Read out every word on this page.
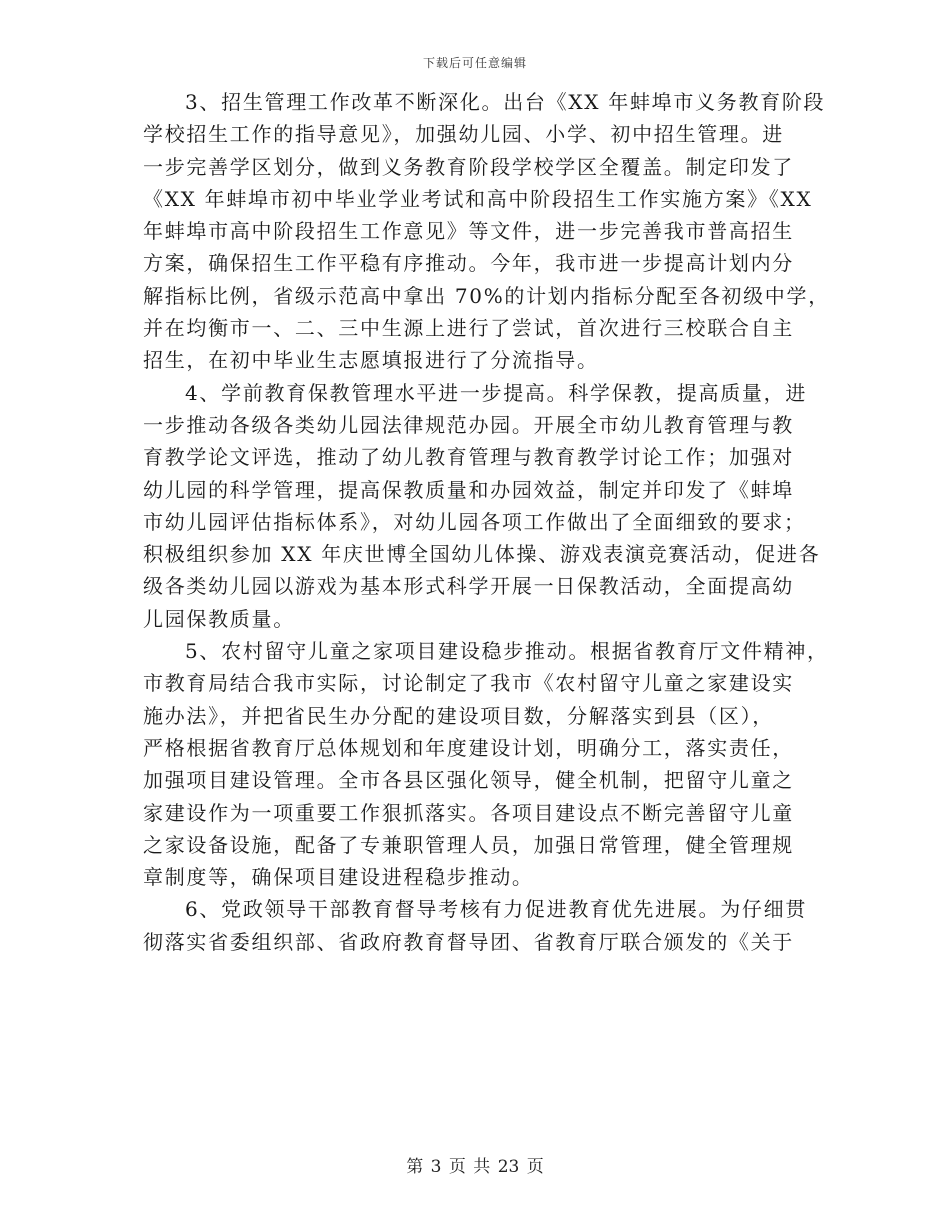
下载后可任意编辑
3、招生管理工作改革不断深化。出台《XX 年蚌埠市义务教育阶段
学校招生工作的指导意见》，加强幼儿园、小学、初中招生管理。进
一步完善学区划分，做到义务教育阶段学校学区全覆盖。制定印发了
《XX 年蚌埠市初中毕业学业考试和高中阶段招生工作实施方案》《XX
年蚌埠市高中阶段招生工作意见》等文件，进一步完善我市普高招生
方案，确保招生工作平稳有序推动。今年，我市进一步提高计划内分
解指标比例，省级示范高中拿出 70%的计划内指标分配至各初级中学，
并在均衡市一、二、三中生源上进行了尝试，首次进行三校联合自主
招生，在初中毕业生志愿填报进行了分流指导。
4、学前教育保教管理水平进一步提高。科学保教，提高质量，进
一步推动各级各类幼儿园法律规范办园。开展全市幼儿教育管理与教
育教学论文评选，推动了幼儿教育管理与教育教学讨论工作；加强对
幼儿园的科学管理，提高保教质量和办园效益，制定并印发了《蚌埠
市幼儿园评估指标体系》，对幼儿园各项工作做出了全面细致的要求；
积极组织参加 XX 年庆世博全国幼儿体操、游戏表演竞赛活动，促进各
级各类幼儿园以游戏为基本形式科学开展一日保教活动，全面提高幼
儿园保教质量。
5、农村留守儿童之家项目建设稳步推动。根据省教育厅文件精神，
市教育局结合我市实际，讨论制定了我市《农村留守儿童之家建设实
施办法》，并把省民生办分配的建设项目数，分解落实到县（区），
严格根据省教育厅总体规划和年度建设计划，明确分工，落实责任，
加强项目建设管理。全市各县区强化领导，健全机制，把留守儿童之
家建设作为一项重要工作狠抓落实。各项目建设点不断完善留守儿童
之家设备设施，配备了专兼职管理人员，加强日常管理，健全管理规
章制度等，确保项目建设进程稳步推动。
6、党政领导干部教育督导考核有力促进教育优先进展。为仔细贯
彻落实省委组织部、省政府教育督导团、省教育厅联合颁发的《关于
第 3 页 共 23 页
